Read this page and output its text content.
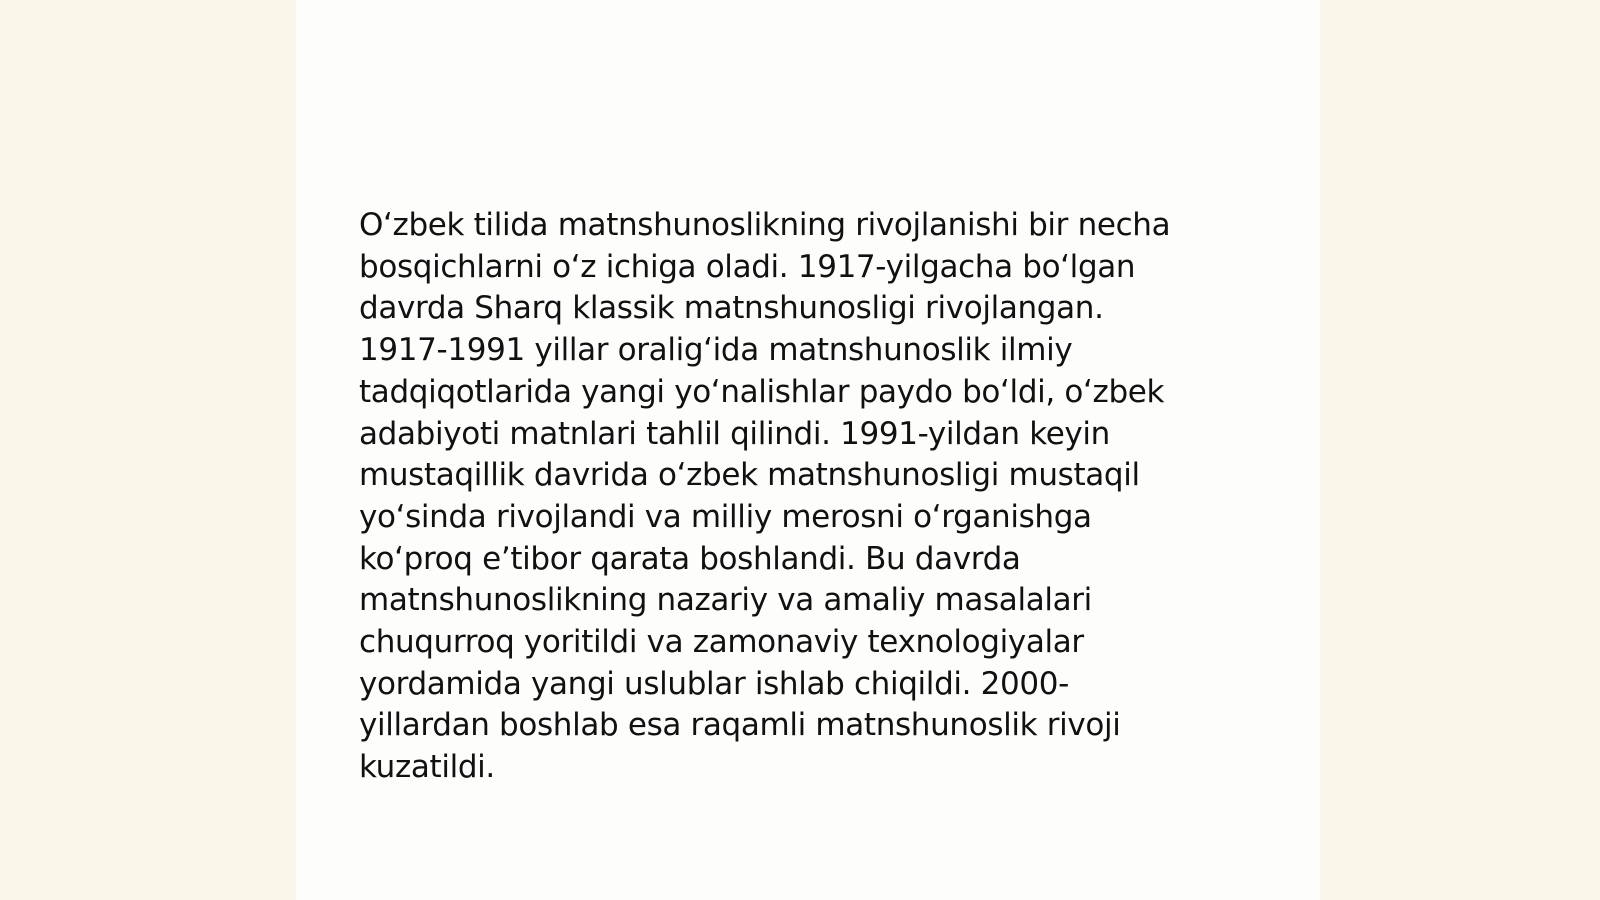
O‘zbek tilida matnshunoslikning rivojlanishi bir necha
bosqichlarni o‘z ichiga oladi. 1917-yilgacha bo‘lgan
davrda Sharq klassik matnshunosligi rivojlangan.
1917-1991 yillar oralig‘ida matnshunoslik ilmiy
tadqiqotlarida yangi yo‘nalishlar paydo bo‘ldi, o‘zbek
adabiyoti matnlari tahlil qilindi. 1991-yildan keyin
mustaqillik davrida o‘zbek matnshunosligi mustaqil
yo‘sinda rivojlandi va milliy merosni o‘rganishga
ko‘proq e’tibor qarata boshlandi. Bu davrda
matnshunoslikning nazariy va amaliy masalalari
chuqurroq yoritildi va zamonaviy texnologiyalar
yordamida yangi uslublar ishlab chiqildi. 2000-
yillardan boshlab esa raqamli matnshunoslik rivoji
kuzatildi.
